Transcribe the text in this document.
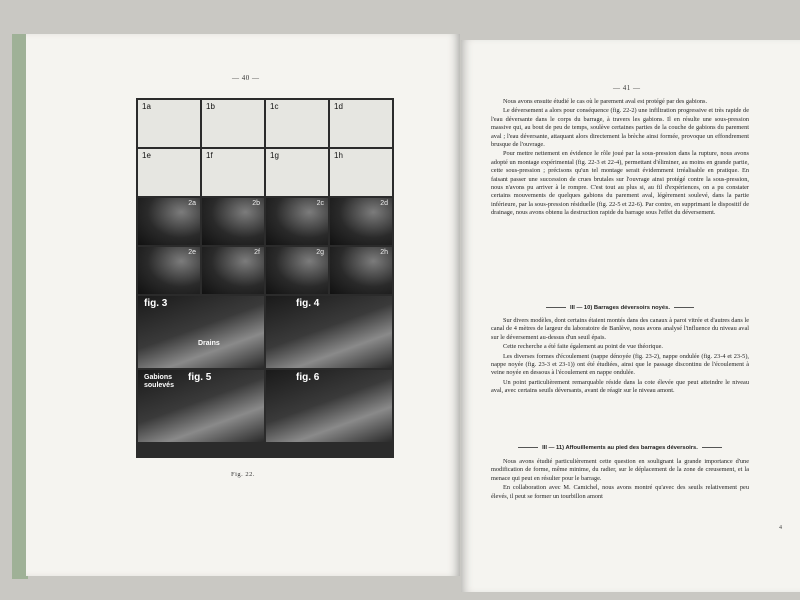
— 40 —
1a	1b	1c	1d
1e	1f	1g	1h
2a	2b	2c	2d
2e	2f	2g	2h
fig. 3
Drains
fig. 4
fig. 5
Gabions
soulevés
fig. 6
Fig. 22.
— 41 —

Nous avons ensuite étudié le cas où le parement aval est protégé par des gabions.

Le déversement a alors pour conséquence (fig. 22-2) une infiltration progressive et très rapide de l'eau déversante dans le corps du barrage, à travers les gabions. Il en résulte une sous-pression massive qui, au bout de peu de temps, soulève certaines parties de la couche de gabions du parement aval ; l'eau déversante, attaquant alors directement la brèche ainsi formée, provoque un effondrement brusque de l'ouvrage.

Pour mettre nettement en évidence le rôle joué par la sous-pression dans la rupture, nous avons adopté un montage expérimental (fig. 22-3 et 22-4), permettant d'éliminer, au moins en grande partie, cette sous-pression ; précisons qu'un tel montage serait évidemment irréalisable en pratique. En faisant passer une succession de crues brutales sur l'ouvrage ainsi protégé contre la sous-pression, nous n'avons pu arriver à le rompre. C'est tout au plus si, au fil d'expériences, on a pu constater certains mouvements de quelques gabions du parement aval, légèrement soulevé, dans la partie inférieure, par la sous-pression résiduelle (fig. 22-5 et 22-6). Par contre, en supprimant le dispositif de drainage, nous avons obtenu la destruction rapide du barrage sous l'effet du déversement.

III — 10) Barrages déversoirs noyés.

Sur divers modèles, dont certains étaient montés dans des canaux à paroi vitrée et d'autres dans le canal de 4 mètres de largeur du laboratoire de Banlève, nous avons analysé l'influence du niveau aval sur le déversement au-dessus d'un seuil épais.

Cette recherche a été faite également au point de vue théorique.

Les diverses formes d'écoulement (nappe dénoyée (fig. 23-2), nappe ondulée (fig. 23-4 et 23-5), nappe noyée (fig. 23-3 et 23-1)) ont été étudiées, ainsi que le passage discontinu de l'écoulement à veine noyée en dessous à l'écoulement en nappe ondulée.

Un point particulièrement remarquable réside dans la cote élevée que peut atteindre le niveau aval, avec certains seuils déversants, avant de réagir sur le niveau amont.

III — 11) Affouillements au pied des barrages déversoirs.

Nous avons étudié particulièrement cette question en soulignant la grande importance d'une modification de forme, même minime, du radier, sur le déplacement de la zone de creusement, et la menace qui peut en résulter pour le barrage.

En collaboration avec M. Camichel, nous avons montré qu'avec des seuils relativement peu élevés, il peut se former un tourbillon amont

4
